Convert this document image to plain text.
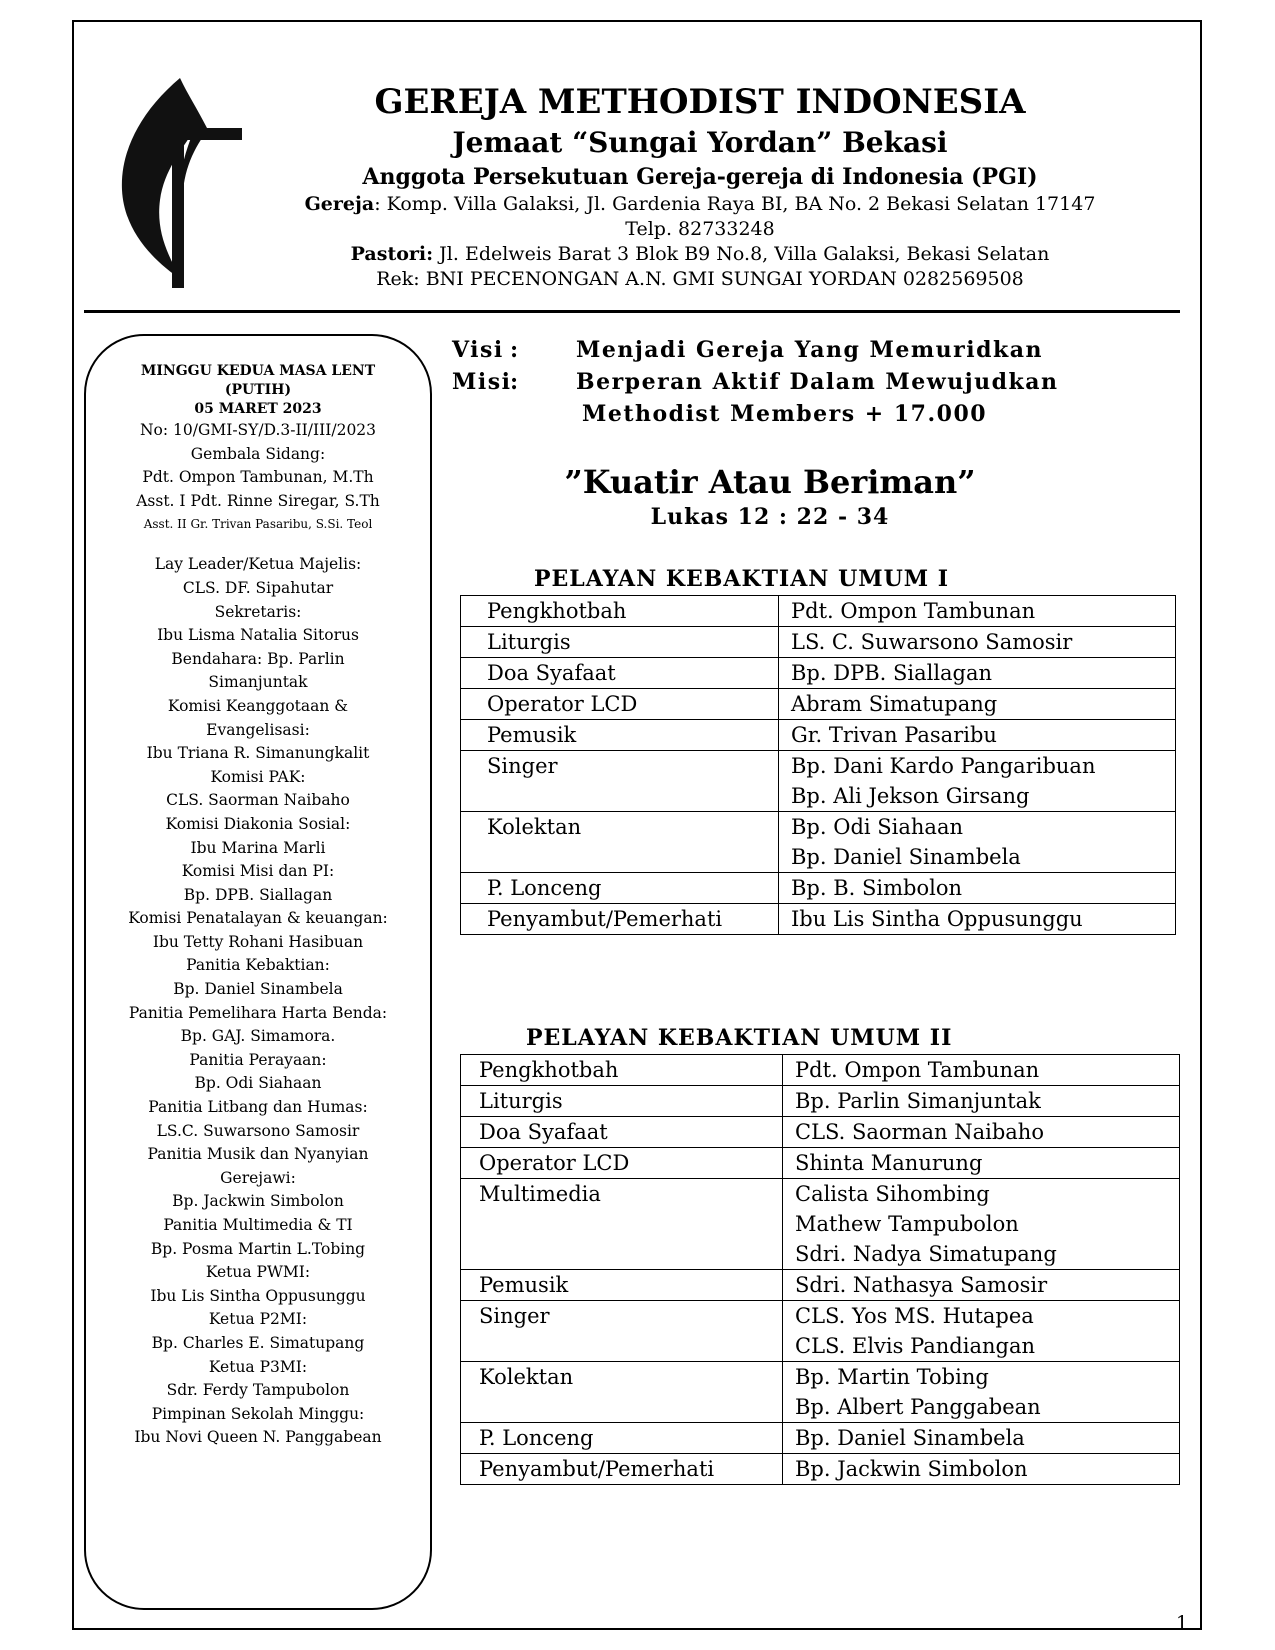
GEREJA METHODIST INDONESIA
Jemaat “Sungai Yordan” Bekasi
Anggota Persekutuan Gereja-gereja di Indonesia (PGI)
Gereja: Komp. Villa Galaksi, Jl. Gardenia Raya BI, BA No. 2 Bekasi Selatan 17147
Telp. 82733248
Pastori: Jl. Edelweis Barat 3 Blok B9 No.8, Villa Galaksi, Bekasi Selatan
Rek: BNI PECENONGAN A.N. GMI SUNGAI YORDAN 0282569508
MINGGU KEDUA MASA LENT
(PUTIH)
05 MARET 2023
No: 10/GMI-SY/D.3-II/III/2023
Gembala Sidang:
Pdt. Ompon Tambunan, M.Th
Asst. I Pdt. Rinne Siregar, S.Th
Asst. II Gr. Trivan Pasaribu, S.Si. Teol
Lay Leader/Ketua Majelis:
CLS. DF. Sipahutar
Sekretaris:
Ibu Lisma Natalia Sitorus
Bendahara: Bp. Parlin
Simanjuntak
Komisi Keanggotaan &
Evangelisasi:
Ibu Triana R. Simanungkalit
Komisi PAK:
CLS. Saorman Naibaho
Komisi Diakonia Sosial:
Ibu Marina Marli
Komisi Misi dan PI:
Bp. DPB. Siallagan
Komisi Penatalayan & keuangan:
Ibu Tetty Rohani Hasibuan
Panitia Kebaktian:
Bp. Daniel Sinambela
Panitia Pemelihara Harta Benda:
Bp. GAJ. Simamora.
Panitia Perayaan:
Bp. Odi Siahaan
Panitia Litbang dan Humas:
LS.C. Suwarsono Samosir
Panitia Musik dan Nyanyian
Gerejawi:
Bp. Jackwin Simbolon
Panitia Multimedia & TI
Bp. Posma Martin L.Tobing
Ketua PWMI:
Ibu Lis Sintha Oppusunggu
Ketua P2MI:
Bp. Charles E. Simatupang
Ketua P3MI:
Sdr. Ferdy Tampubolon
Pimpinan Sekolah Minggu:
Ibu Novi Queen N. Panggabean
Visi :	Menjadi Gereja Yang Memuridkan
Misi
:	Berperan Aktif Dalam Mewujudkan
Methodist Members + 17.000
”Kuatir Atau Beriman”
Lukas 12 : 22 - 34
PELAYAN KEBAKTIAN UMUM I
Pengkhotbah	Pdt. Ompon Tambunan

Liturgis	LS. C. Suwarsono Samosir

Doa Syafaat	Bp. DPB. Siallagan

Operator LCD	Abram Simatupang

Pemusik	Gr. Trivan Pasaribu

Singer	Bp. Dani Kardo Pangaribuan
Bp. Ali Jekson Girsang

Kolektan	Bp. Odi Siahaan
Bp. Daniel Sinambela

P. Lonceng	Bp. B. Simbolon

Penyambut/Pemerhati	Ibu Lis Sintha Oppusunggu
PELAYAN KEBAKTIAN UMUM II
Pengkhotbah	Pdt. Ompon Tambunan

Liturgis	Bp. Parlin Simanjuntak

Doa Syafaat	CLS. Saorman Naibaho

Operator LCD	Shinta Manurung

Multimedia	Calista Sihombing
Mathew Tampubolon
Sdri. Nadya Simatupang

Pemusik	Sdri. Nathasya Samosir

Singer	CLS. Yos MS. Hutapea
CLS. Elvis Pandiangan

Kolektan	Bp. Martin Tobing
Bp. Albert Panggabean

P. Lonceng	Bp. Daniel Sinambela

Penyambut/Pemerhati	Bp. Jackwin Simbolon
1
